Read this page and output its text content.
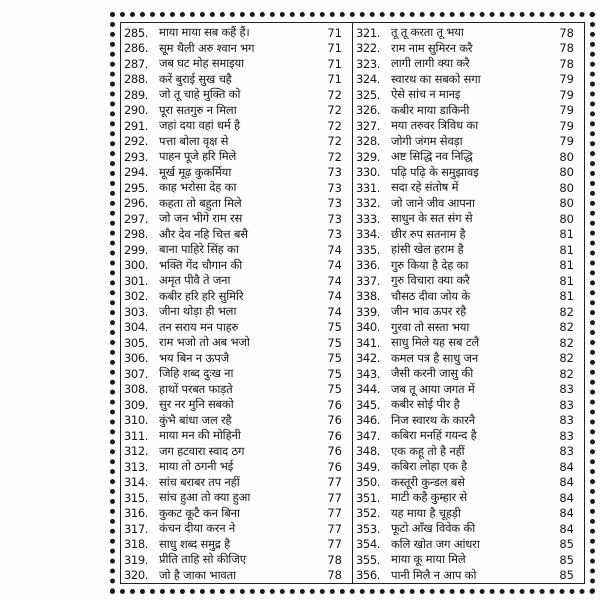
285. माया माया सब कहैं हैं।	71
286. सूम थैली अरु श्वान भग	71
287. जब घट मोह समाइया	71
288. करें बुराई सुख चहै	71
289. जो तू चाहे मुक्ति को	72
290. पूरा सतगुरु न मिला	72
291. जहां दया वहां धर्म है	72
292. पत्ता बोला वृक्ष से	72
293. पाहन पूजे हरि मिले	72
294. मूर्ख मूढ़ कुकर्मिया	73
295. काह भरोसा देह का	73
296. कहता तो बहुता मिले	73
297. जो जन भीगे राम रस	73
298. और देव नहि चित्त बसै	73
299. बाना पाहिरे सिंह का	74
300. भक्ति गेंद चौगान की	74
301. अमृत पीवै ते जना	74
302. कबीर हरि हरि सुमिरि	74
303. जीना थोड़ा ही भला	74
304. तन सराय मन पाहरु	75
305. राम भजो तो अब भजो	75
306. भय बिन न ऊपजै	75
307. जिहि शब्द दुःख ना	75
308. हाथों परबत फाड़ते	75
309. सुर नर मुनि सबको	76
310. कुंभै बांधा जल रहै	76
311. माया मन की मोहिनी	76
312. जग हटवारा स्वाद ठग	76
313. माया तो ठगनी भई	76
314. सांच बराबर तप नहीं	77
315. सांच हुआ तो क्या हुआ	77
316. कुकट कूटै कन बिना	77
317. कंचन दीया करन ने	77
318. साधु शब्द समुद्र है	77
319. प्रीति ताहि सो कीजिए	78
320. जो है जाका भावता	78
321. तू तू करता तू भया	78
322. राम नाम सुमिरन करै	78
323. लागी लागी क्या करै	78
324. स्वारथ का सबको सगा	79
325. ऐसे सांच न मानइ	79
326. कबीर माया डाकिनी	79
327. मया तरुवर त्रिविध का	79
328. जोगी जंगम सेवड़ा	79
329. अष्ट सिद्धि नव निद्धि	80
330. पढ़ि पढ़ि के समुझावइ	80
331. सदा रहे संतोष में	80
332. जो जाने जीव आपना	80
333. साधुन के सत संग से	80
334. छीर रुप सतनाम है	81
335. हांसी खेल हराम है	81
336. गुरु किया है देह का	81
337. गुरु विचारा क्या करै	81
338. चौसठ दीवा जोय के	81
339. जीन भाव ऊपर रहै	82
340. गुरवा तो सस्ता भया	82
341. साधु मिले यह सब टलै	82
342. कमल पत्र है साधु जन	82
343. जैसी करनी जासु की	82
344. जब तू आया जगत में	83
345. कबीर सोई पीर है	83
346. निज स्वारथ के कारनै	83
347. कबिरा मनहिं गयन्द है	83
348. एक कहू तो है नहीं	83
349. कबिरा लोहा एक है	84
350. कस्तूरी कुन्डल बसे	84
351. माटी कहै कुम्हार से	84
352. यह माया है चूहड़ी	84
353. फूटो आँख विवेक की	84
354. कलि खोत जग आंधरा	85
355. माया कू माया मिले	85
356. पानी मिलै न आप को	85
